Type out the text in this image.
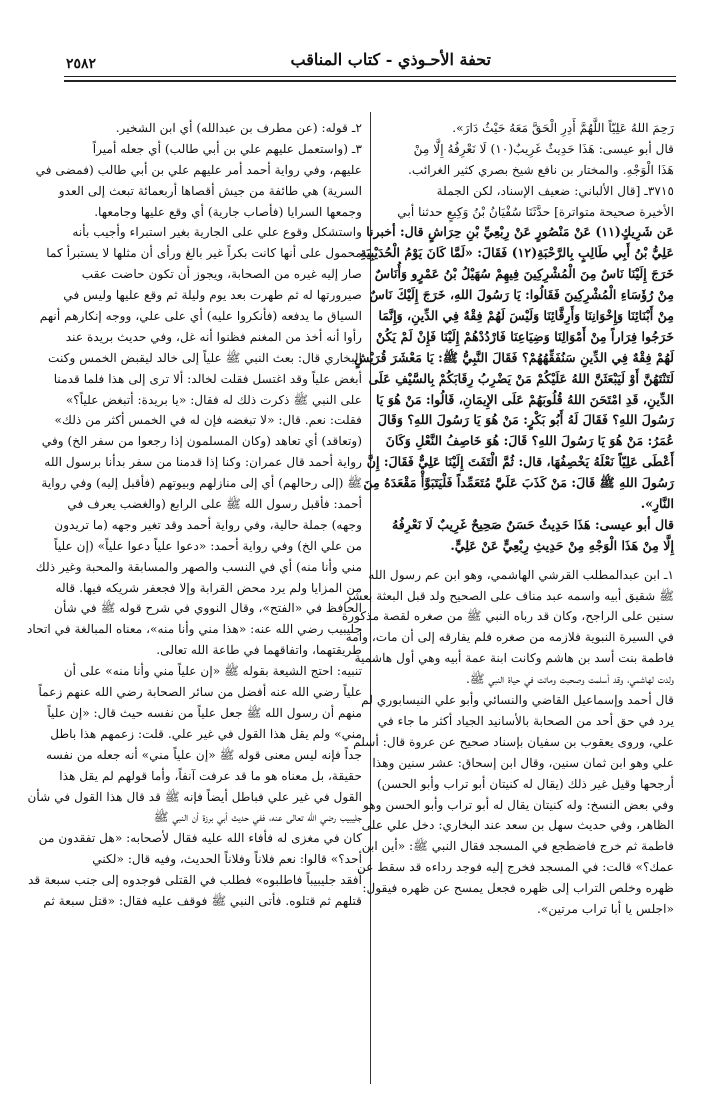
تحفة الأحـوذي - كتاب المناقب
٢٥٨٢
رَحِمَ اللهُ عَلِيّاً اللَّهُمَّ أَدِرِ الْحَقَّ مَعَهُ حَيْثُ دَارَ».
قال أبو عيسى: هَذَا حَدِيثٌ غَرِيبٌ(١٠) لَا نَعْرِفُهُ إِلَّا مِنْ
هَذَا الْوَجْهِ. والمختار بن نافع شيخ بصري كثير الغرائب.
٣٧١٥ـ [قال الألباني: ضعيف الإسناد، لكن الجملة
الأخيرة صحيحة متواترة] حدَّثَنَا سُفْيَانُ بْنُ وَكِيعٍ حدثنا أبي
عَن شَرِيكٍ(١١) عَنْ مَنْصُورٍ عَنْ رِبْعِيِّ بْنِ حِرَاشٍ قال: أخبرنا
عَلِيُّ بْنُ أَبِي طَالِبٍ بِالرَّحْبَةِ(١٢) فَقَالَ: «لَمَّا كَانَ يَوْمُ الْحُدَيْبِيَةِ
خَرَجَ إِلَيْنَا نَاسٌ مِنَ الْمُشْرِكِينَ فِيهِمْ سُهَيْلُ بْنُ عَمْرٍو وَأُنَاسٌ
مِنْ رُؤَسَاءِ الْمُشْرِكِينَ فَقَالُوا: يَا رَسُولَ اللهِ، خَرَجَ إِلَيْكَ نَاسٌ
مِنْ أَبْنَائِنَا وَإِخْوَانِنَا وَأَرِقَّائِنَا وَلَيْسَ لَهُمْ فِقْهٌ فِي الدِّينِ، وَإِنَّمَا
خَرَجُوا فِرَاراً مِنْ أَمْوَالِنَا وَضِيَاعِنَا فَارْدُدْهُمْ إِلَيْنَا فَإِنْ لَمْ يَكُنْ
لَهُمْ فِقْهٌ فِي الدِّينِ سَنُفَقِّهُهُمْ؟ فَقَالَ النَّبِيُّ ﷺ: يَا مَعْشَرَ قُرَيْشٍ
لَتَنْتَهُنَّ أَوْ لَيَبْعَثَنَّ اللهُ عَلَيْكُمْ مَنْ يَضْرِبُ رِقَابَكُمْ بِالسَّيْفِ عَلَى
الدِّينِ، قَدِ امْتَحَنَ اللهُ قُلُوبَهُمْ عَلَى الإِيمَانِ، قَالُوا: مَنْ هُوَ يَا
رَسُولَ اللهِ؟ فَقَالَ لَهُ أَبُو بَكْرٍ: مَنْ هُوَ يَا رَسُولَ اللهِ؟ وَقَالَ
عُمَرُ: مَنْ هُوَ يَا رَسُولَ اللهِ؟ قَالَ: هُوَ خَاصِفُ النَّعْلِ وَكَانَ
أَعْطَى عَلِيّاً نَعْلَهُ يَخْصِفُهَا، قال: ثُمَّ الْتَفَتَ إِلَيْنَا عَلِيٌّ فَقَالَ: إِنَّ
رَسُولَ اللهِ ﷺ قَالَ: مَنْ كَذَبَ عَلَيَّ مُتَعَمِّداً فَلْيَتَبَوَّأْ مَقْعَدَهُ مِنَ
النَّارِ».
قال أبو عيسى: هَذَا حَدِيثٌ حَسَنٌ صَحِيحٌ غَرِيبٌ لَا نَعْرِفُهُ
إِلَّا مِنْ هَذَا الْوَجْهِ مِنْ حَدِيثِ رِبْعِيٍّ عَنْ عَلِيٍّ.
١ـ ابن عبدالمطلب القرشي الهاشمي، وهو ابن عم رسول الله
ﷺ شقيق أبيه واسمه عبد مناف على الصحيح ولد قبل البعثة بعشر
سنين على الراجح، وكان قد رباه النبي ﷺ من صغره لقصة مذكورة
في السيرة النبوية فلازمه من صغره فلم يفارقه إلى أن مات، وأمه
فاطمة بنت أسد بن هاشم وكانت ابنة عمة أبيه وهي أول هاشمية
ولدت لهاشمي، وقد أسلمت وصحبت وماتت في حياة النبي ﷺ.
قال أحمد وإسماعيل القاضي والنسائي وأبو علي النيسابوري لم
يرد في حق أحد من الصحابة بالأسانيد الجياد أكثر ما جاء في
علي، وروى يعقوب بن سفيان بإسناد صحيح عن عروة قال: أسلم
علي وهو ابن ثمان سنين، وقال ابن إسحاق: عشر سنين وهذا
أرجحها وقيل غير ذلك (يقال له كنيتان أبو تراب وأبو الحسن)
وفي بعض النسخ: وله كنيتان يقال له أبو تراب وأبو الحسن وهو
الظاهر، وفي حديث سهل بن سعد عند البخاري: دخل علي على
فاطمة ثم خرج فاضطجع في المسجد فقال النبي ﷺ: «أين ابن
عمك؟» قالت: في المسجد فخرج إليه فوجد رداءه قد سقط عن
ظهره وخلص التراب إلى ظهره فجعل يمسح عن ظهره فيقول:
«اجلس يا أبا تراب مرتين».
٢ـ قوله: (عن مطرف بن عبدالله) أي ابن الشخير.
٣ـ (واستعمل عليهم علي بن أبي طالب) أي جعله أميراً
عليهم، وفي رواية أحمد أمر عليهم علي بن أبي طالب (فمضى في
السرية) هي طائفة من جيش أقصاها أربعمائة تبعث إلى العدو
وجمعها السرايا (فأصاب جارية) أي وقع عليها وجامعها.
واستشكل وقوع علي على الجارية بغير استبراء وأجيب بأنه
محمول على أنها كانت بكراً غير بالغ ورأى أن مثلها لا يستبرأ كما
صار إليه غيره من الصحابة، ويجوز أن تكون حاضت عقب
صيرورتها له ثم طهرت بعد يوم وليلة ثم وقع عليها وليس في
السياق ما يدفعه (فأنكروا عليه) أي على علي، ووجه إنكارهم أنهم
رأوا أنه أخذ من المغنم فظنوا أنه غل، وفي حديث بريدة عند
البخاري قال: بعث النبي ﷺ علياً إلى خالد ليقبض الخمس وكنت
أبغض علياً وقد اغتسل فقلت لخالد: ألا ترى إلى هذا فلما قدمنا
على النبي ﷺ ذكرت ذلك له فقال: «يا بريدة: أتبغض علياً؟»
فقلت: نعم. قال: «لا تبغضه فإن له في الخمس أكثر من ذلك»
(وتعاقد) أي تعاهد (وكان المسلمون إذا رجعوا من سفر الخ) وفي
رواية أحمد قال عمران: وكنا إذا قدمنا من سفر بدأنا برسول الله
ﷺ (إلى رحالهم) أي إلى منازلهم وبيوتهم (فأقبل إليه) وفي رواية
أحمد: فأقبل رسول الله ﷺ على الرابع (والغضب يعرف في
وجهه) جملة حالية، وفي رواية أحمد وقد تغير وجهه (ما تريدون
من علي الخ) وفي رواية أحمد: «دعوا علياً دعوا علياً» (إن علياً
مني وأنا منه) أي في النسب والصهر والمسابقة والمحبة وغير ذلك
من المزايا ولم يرد محض القرابة وإلا فجعفر شريكه فيها. قاله
الحافظ في «الفتح»، وقال النووي في شرح قوله ﷺ في شأن
جليبيب رضي الله عنه: «هذا مني وأنا منه»، معناه المبالغة في اتحاد
طريقتهما، واتفاقهما في طاعة الله تعالى.
تنبيه: احتج الشيعة بقوله ﷺ «إن علياً مني وأنا منه» على أن
علياً رضي الله عنه أفضل من سائر الصحابة رضي الله عنهم زعماً
منهم أن رسول الله ﷺ جعل علياً من نفسه حيث قال: «إن علياً
مني» ولم يقل هذا القول في غير علي. قلت: زعمهم هذا باطل
جداً فإنه ليس معنى قوله ﷺ «إن علياً مني» أنه جعله من نفسه
حقيقة، بل معناه هو ما قد عرفت آنفاً، وأما قولهم لم يقل هذا
القول في غير علي فباطل أيضاً فإنه ﷺ قد قال هذا القول في شأن
جليبيب رضي الله تعالى عنه، ففي حديث أبي برزة أن النبي ﷺ
كان في مغزى له فأفاء الله عليه فقال لأصحابه: «هل تفقدون من
أحد؟» قالوا: نعم فلاناً وفلاناً الحديث، وفيه قال: «لكني
أفقد جليبيباً فاطلبوه» فطلب في القتلى فوجدوه إلى جنب سبعة قد
قتلهم ثم قتلوه. فأتى النبي ﷺ فوقف عليه فقال: «قتل سبعة ثم
